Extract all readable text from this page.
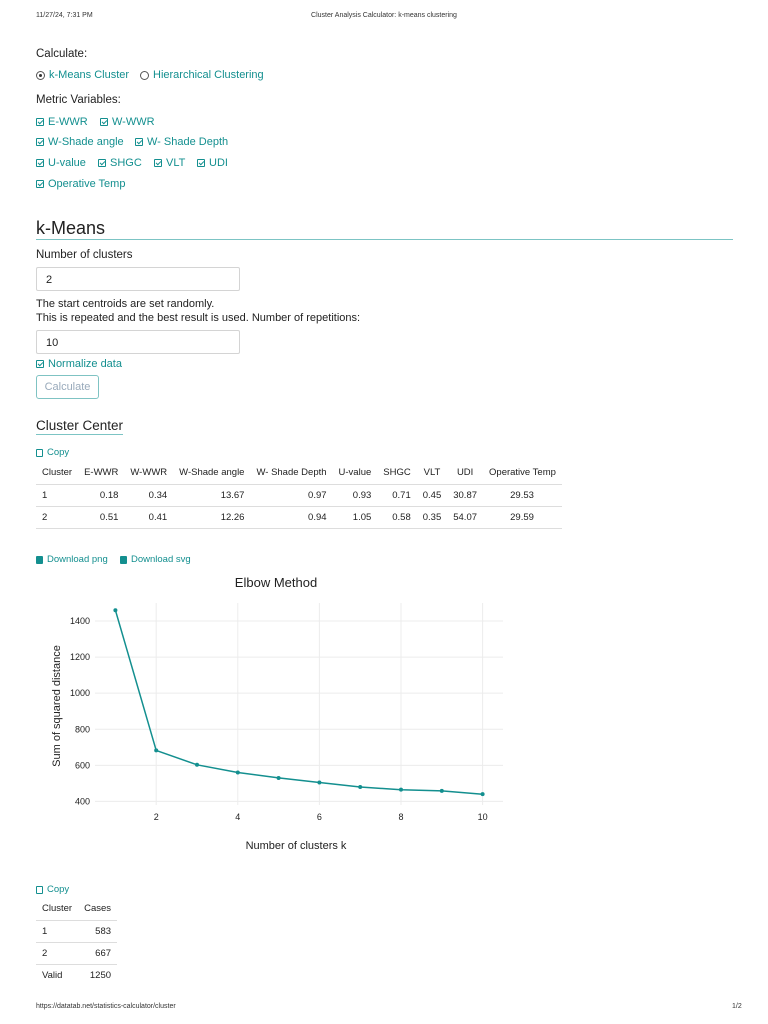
11/27/24, 7:31 PM	Cluster Analysis Calculator: k-means clustering
https://datatab.net/statistics-calculator/cluster	1/2
Calculate:
k-Means Cluster Hierarchical Clustering
Metric Variables:
E-WWR W-WWR
W-Shade angle W- Shade Depth
U-value SHGC VLT UDI
Operative Temp
k-Means
Number of clusters
2
The start centroids are set randomly.
This is repeated and the best result is used. Number of repetitions:
10
Normalize data
Calculate
Cluster Center
Copy
Cluster	E-WWR	W-WWR	W-Shade angle	W- Shade Depth	U-value	SHGC	VLT	UDI	Operative Temp
1	0.18	0.34	13.67	0.97	0.93	0.71	0.45	30.87	29.53
2	0.51	0.41	12.26	0.94	1.05	0.58	0.35	54.07	29.59
Download png Download svg
Elbow Method
Number of clusters k
Sum of squared distance
2	4	6	8	10
400
600
800
1000
1200
1400
Copy
Cluster	Cases
1	583
2	667
Valid	1250
